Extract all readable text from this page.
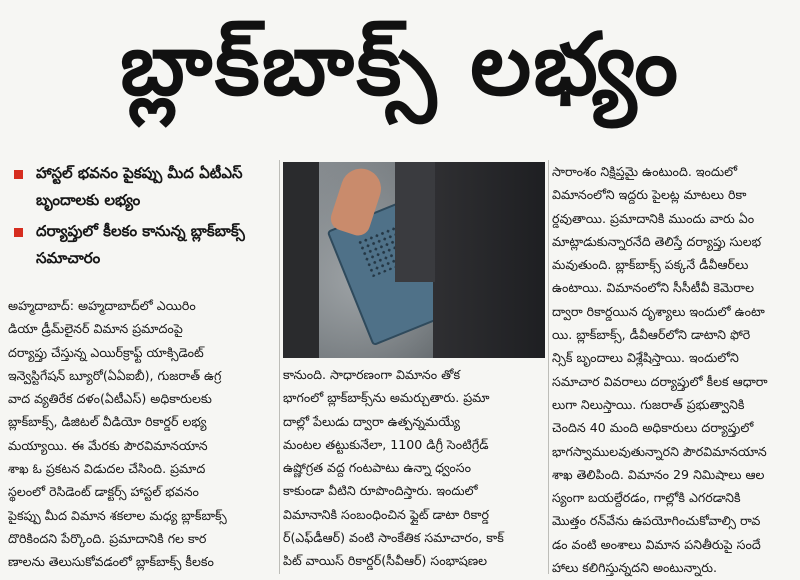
బ్లాక్‌బాక్స్ లభ్యం
హాస్టల్ భవనం పైకప్పు మీద ఏటీఎస్ బృందాలకు లభ్యం
దర్యాప్తులో కీలకం కానున్న బ్లాక్‌బాక్స్ సమాచారం
అహ్మదాబాద్: అహ్మదాబాద్‌లో ఎయిరిం
డియా డ్రీమ్‌లైనర్ విమాన ప్రమాదంపై
దర్యాప్తు చేస్తున్న ఎయిర్‌క్రాఫ్ట్ యాక్సిడెంట్
ఇన్వెస్టిగేషన్ బ్యూరో(ఏఏఐబీ), గుజరాత్ ఉగ్ర
వాద వ్యతిరేక దళం(ఏటీఎస్) అధికారులకు
బ్లాక్‌బాక్స్, డిజిటల్ వీడియో రికార్డర్ లభ్య
మయ్యాయి. ఈ మేరకు పౌరవిమానయాన
శాఖ ఓ ప్రకటన విడుదల చేసింది. ప్రమాద
స్థలంలో రెసిడెంట్ డాక్టర్స్ హాస్టల్ భవనం
పైకప్పు మీద విమాన శకలాల మధ్య బ్లాక్‌బాక్స్
దొరికిందని పేర్కొంది. ప్రమాదానికి గల కార
ణాలను తెలుసుకోవడంలో బ్లాక్‌బాక్స్ కీలకం
కానుంది. సాధారణంగా విమానం తోక
భాగంలో బ్లాక్‌బాక్స్‌ను అమర్చుతారు. ప్రమా
దాల్లో పేలుడు ద్వారా ఉత్పన్నమయ్యే
మంటల తట్టుకునేలా, 1100 డిగ్రీ సెంటిగ్రేడ్
ఉష్ణోగ్రత వద్ద గంటపాటు ఉన్నా ధ్వంసం
కాకుండా వీటిని రూపొందిస్తారు. ఇందులో
విమానానికి సంబంధించిన ఫ్లైట్ డాటా రికార్డ
ర్(ఎఫ్‌డీఆర్) వంటి సాంకేతిక సమాచారం, కాక్
పిట్ వాయిస్ రికార్డర్(సీవీఆర్) సంభాషణల
సారాంశం నిక్షిప్తమై ఉంటుంది. ఇందులో
విమానంలోని ఇద్దరు పైలట్ల మాటలు రికా
ర్డవుతాయి. ప్రమాదానికి ముందు వారు ఏం
మాట్లాడుకున్నారనేది తెలిస్తే దర్యాప్తు సులభ
మవుతుంది. బ్లాక్‌బాక్స్ పక్కనే డీవీఆర్‌లు
ఉంటాయి. విమానంలోని సీసీటీవీ కెమెరాల
ద్వారా రికార్డయిన దృశ్యాలు ఇందులో ఉంటా
యి. బ్లాక్‌బాక్స్, డీవీఆర్‌లోని డాటాని ఫోరె
న్సిక్ బృందాలు విశ్లేషిస్తాయి. ఇందులోని
సమాచార వివరాలు దర్యాప్తులో కీలక ఆధారా
లుగా నిలుస్తాయి. గుజరాత్ ప్రభుత్వానికి
చెందిన 40 మంది అధికారులు దర్యాప్తులో
భాగస్వాములవుతున్నారని పౌరవిమానయాన
శాఖ తెలిపింది. విమానం 29 నిమిషాలు ఆల
స్యంగా బయల్దేరడం, గాల్లోకి ఎగరడానికి
మొత్తం రన్‌వేను ఉపయోగించుకోవాల్సి రావ
డం వంటి అంశాలు విమాన పనితీరుపై సందే
హాలు కలిగిస్తున్నదని అంటున్నారు.
